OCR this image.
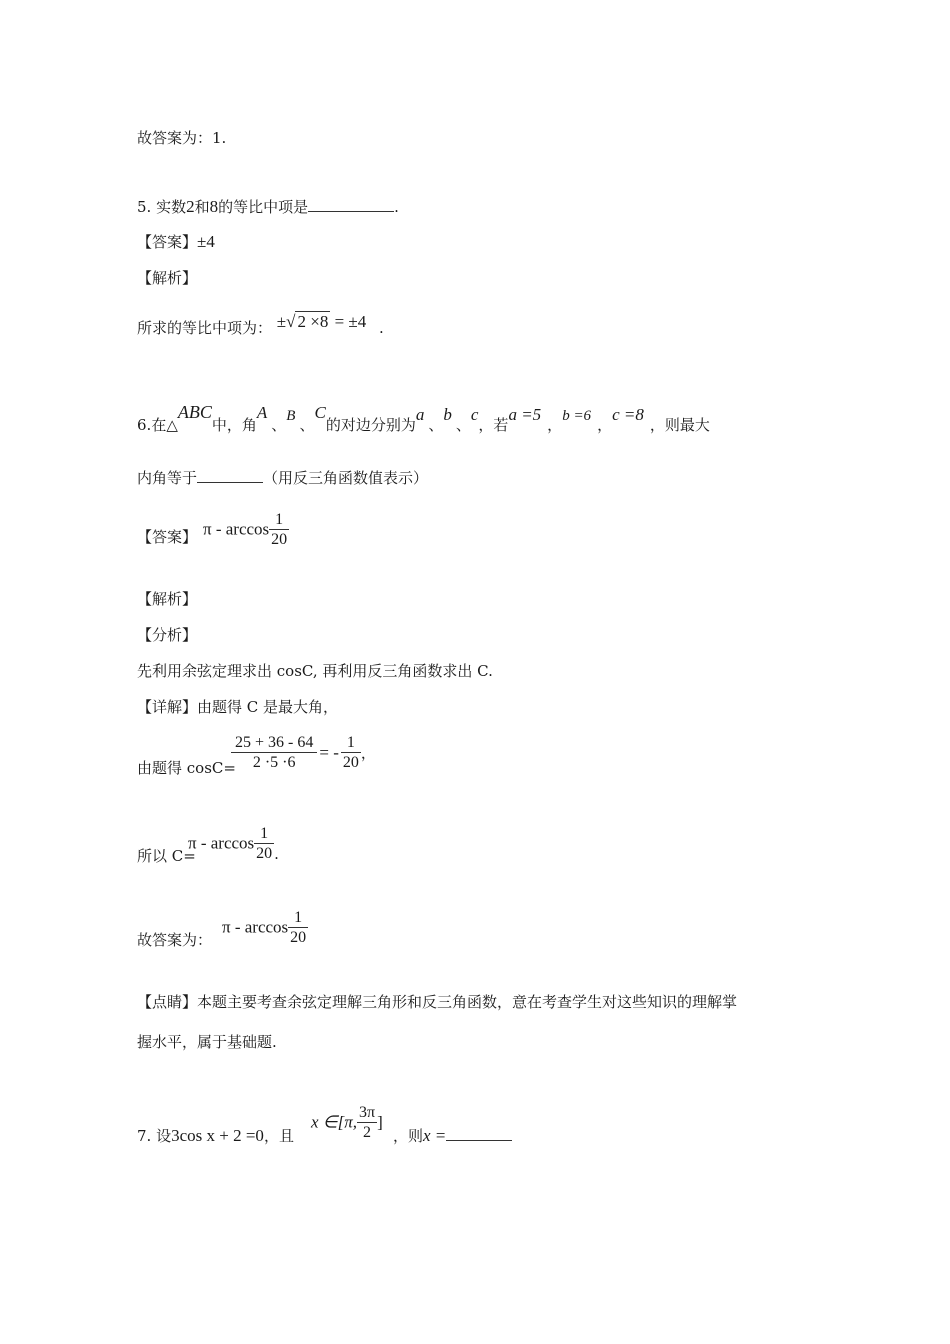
故答案为：1.
5. 实数2和8的等比中项是	.
【答案】±4
【解析】
所求的等比中项为： ±√ 2 ×8 = ±4 .
6.在△ABC中，角A、B 、C的对边分别为a、b、c，若a =5，b =6 ，c =8，则最大
内角等于	（用反三角函数值表示）
【答案】 π - $\arccos \frac{1}{20}$
【解析】
【分析】
先利用余弦定理求出 cosC, 再利用反三角函数求出 C.
【详解】由题得 C 是最大角，
由题得 cosC=
$\frac{25 + 36 - 64}{2 \cdot 5 \cdot 6}$ = - $\frac{1}{20}$ ，
所以 C=
π - $\arccos \frac{1}{20}$ .
故答案为：
π - $\arccos \frac{1}{20}$
【点睛】本题主要考查余弦定理解三角形和反三角函数，意在考查学生对这些知识的理解掌
握水平，属于基础题.
7. 设3cos x + 2 =0，且
x ∈[π, $\frac{3\pi}{2}$ ]
，则x =
